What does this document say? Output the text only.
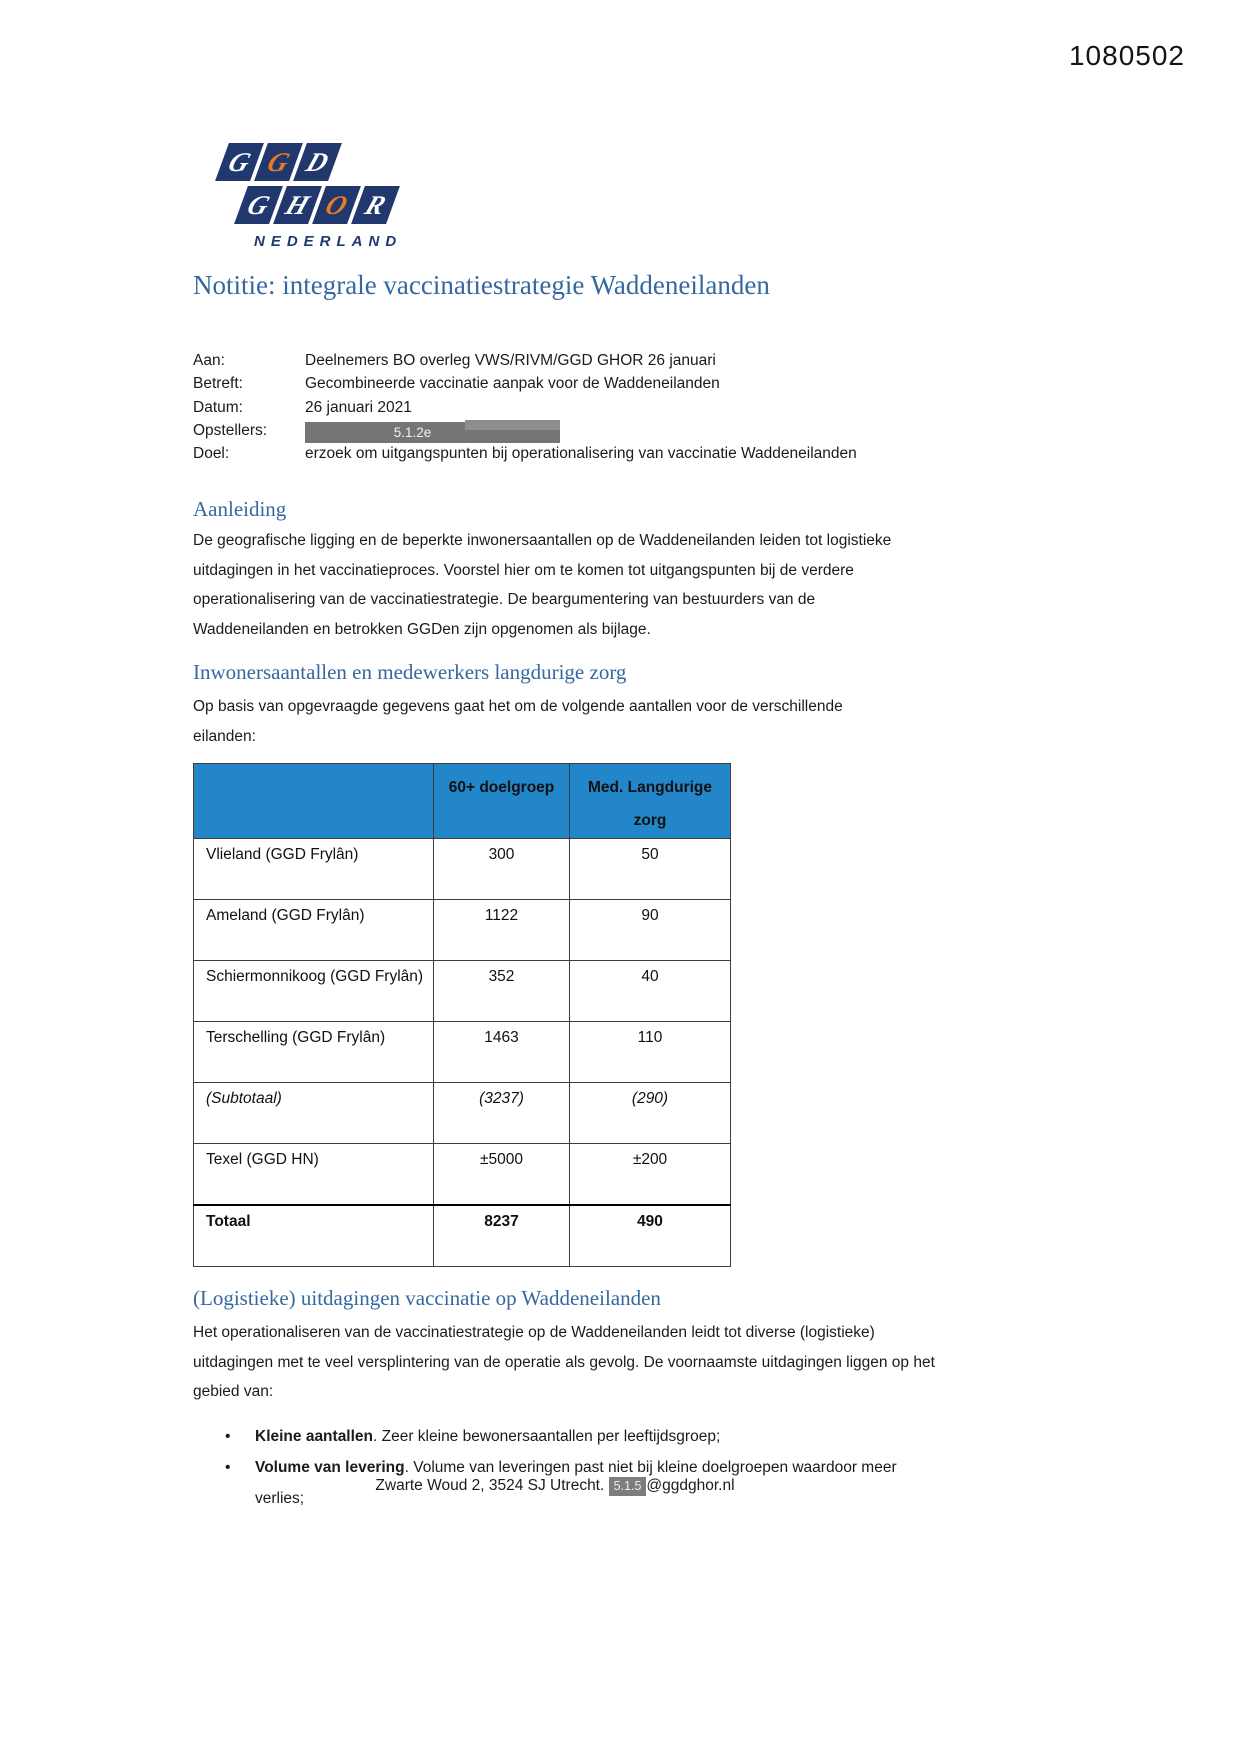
1080502
G G D
G H O R
NEDERLAND
Notitie: integrale vaccinatiestrategie Waddeneilanden
Aan:	Deelnemers BO overleg VWS/RIVM/GGD GHOR 26 januari
Betreft:	Gecombineerde vaccinatie aanpak voor de Waddeneilanden
Datum:	26 januari 2021
Opstellers:	5.1.2e
Doel:	erzoek om uitgangspunten bij operationalisering van vaccinatie Waddeneilanden
Aanleiding
De geografische ligging en de beperkte inwonersaantallen op de Waddeneilanden leiden tot logistieke uitdagingen in het vaccinatieproces. Voorstel hier om te komen tot uitgangspunten bij de verdere operationalisering van de vaccinatiestrategie. De beargumentering van bestuurders van de Waddeneilanden en betrokken GGDen zijn opgenomen als bijlage.
Inwonersaantallen en medewerkers langdurige zorg
Op basis van opgevraagde gegevens gaat het om de volgende aantallen voor de verschillende eilanden:
	60+ doelgroep	Med. Langdurige zorg
Vlieland (GGD Frylân)	300	50
Ameland (GGD Frylân)	1122	90
Schiermonnikoog (GGD Frylân)	352	40
Terschelling (GGD Frylân)	1463	110
(Subtotaal)	(3237)	(290)
Texel (GGD HN)	±5000	±200
Totaal	8237	490
(Logistieke) uitdagingen vaccinatie op Waddeneilanden
Het operationaliseren van de vaccinatiestrategie op de Waddeneilanden leidt tot diverse (logistieke) uitdagingen met te veel versplintering van de operatie als gevolg. De voornaamste uitdagingen liggen op het gebied van:
•	Kleine aantallen. Zeer kleine bewonersaantallen per leeftijdsgroep;
•	Volume van levering. Volume van leveringen past niet bij kleine doelgroepen waardoor meer verlies;
Zwarte Woud 2, 3524 SJ Utrecht. 5.1.5 @ggdghor.nl
